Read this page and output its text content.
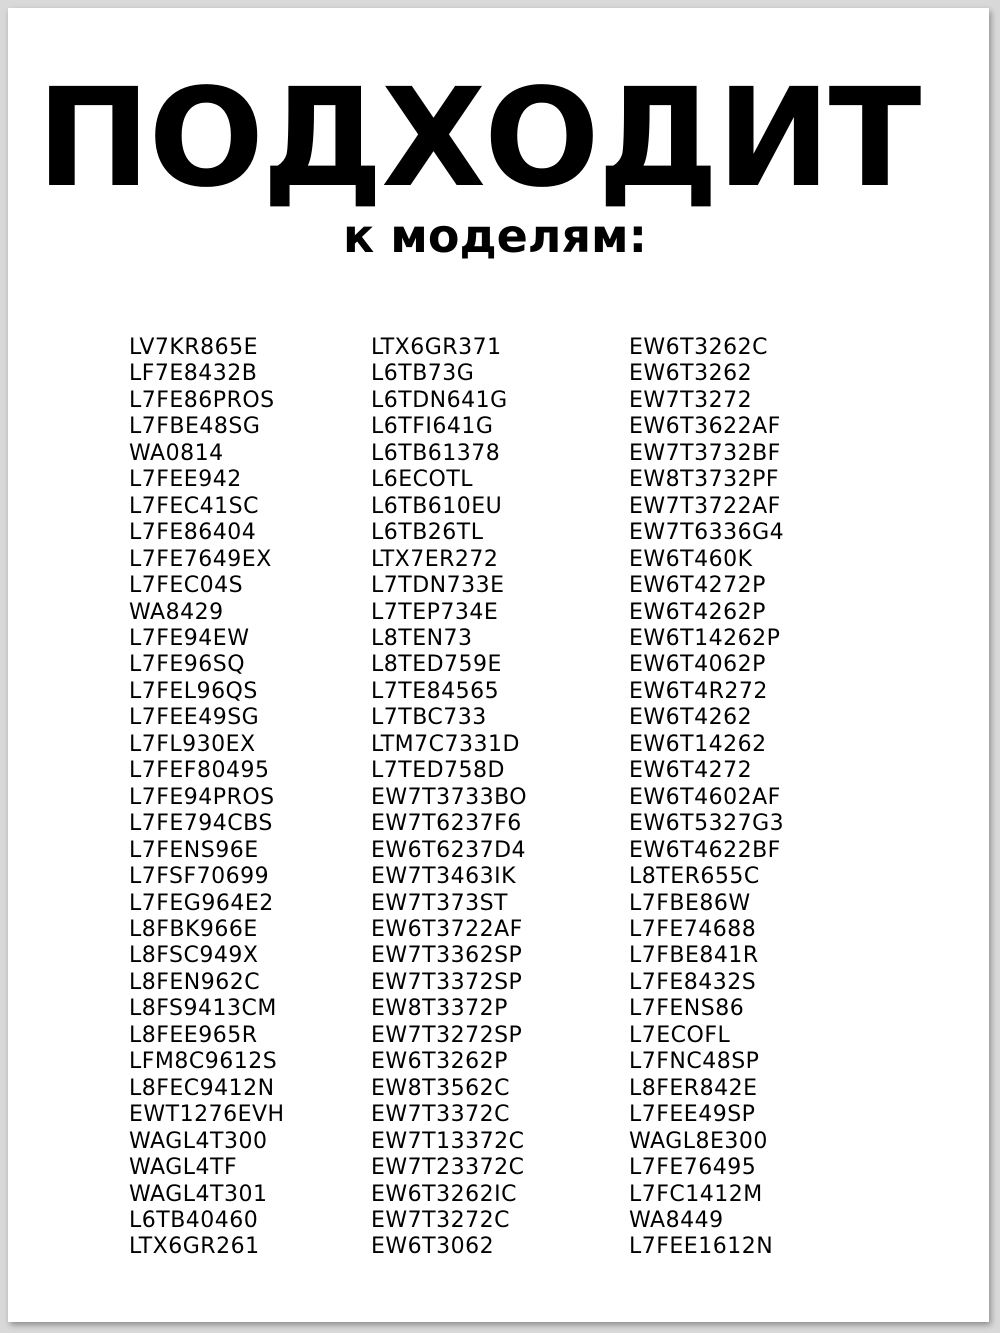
ПОДХОДИТ
к моделям:
LV7KR865E
LF7E8432B
L7FE86PROS
L7FBE48SG
WA0814
L7FEE942
L7FEC41SC
L7FE86404
L7FE7649EX
L7FEC04S
WA8429
L7FE94EW
L7FE96SQ
L7FEL96QS
L7FEE49SG
L7FL930EX
L7FEF80495
L7FE94PROS
L7FE794CBS
L7FENS96E
L7FSF70699
L7FEG964E2
L8FBK966E
L8FSC949X
L8FEN962C
L8FS9413CM
L8FEE965R
LFM8C9612S
L8FEC9412N
EWT1276EVH
WAGL4T300
WAGL4TF
WAGL4T301
L6TB40460
LTX6GR261
LTX6GR371
L6TB73G
L6TDN641G
L6TFI641G
L6TB61378
L6ECOTL
L6TB610EU
L6TB26TL
LTX7ER272
L7TDN733E
L7TEP734E
L8TEN73
L8TED759E
L7TE84565
L7TBC733
LTM7C7331D
L7TED758D
EW7T3733BO
EW7T6237F6
EW6T6237D4
EW7T3463IK
EW7T373ST
EW6T3722AF
EW7T3362SP
EW7T3372SP
EW8T3372P
EW7T3272SP
EW6T3262P
EW8T3562C
EW7T3372C
EW7T13372C
EW7T23372C
EW6T3262IC
EW7T3272C
EW6T3062
EW6T3262C
EW6T3262
EW7T3272
EW6T3622AF
EW7T3732BF
EW8T3732PF
EW7T3722AF
EW7T6336G4
EW6T460K
EW6T4272P
EW6T4262P
EW6T14262P
EW6T4062P
EW6T4R272
EW6T4262
EW6T14262
EW6T4272
EW6T4602AF
EW6T5327G3
EW6T4622BF
L8TER655C
L7FBE86W
L7FE74688
L7FBE841R
L7FE8432S
L7FENS86
L7ECOFL
L7FNC48SP
L8FER842E
L7FEE49SP
WAGL8E300
L7FE76495
L7FC1412M
WA8449
L7FEE1612N
